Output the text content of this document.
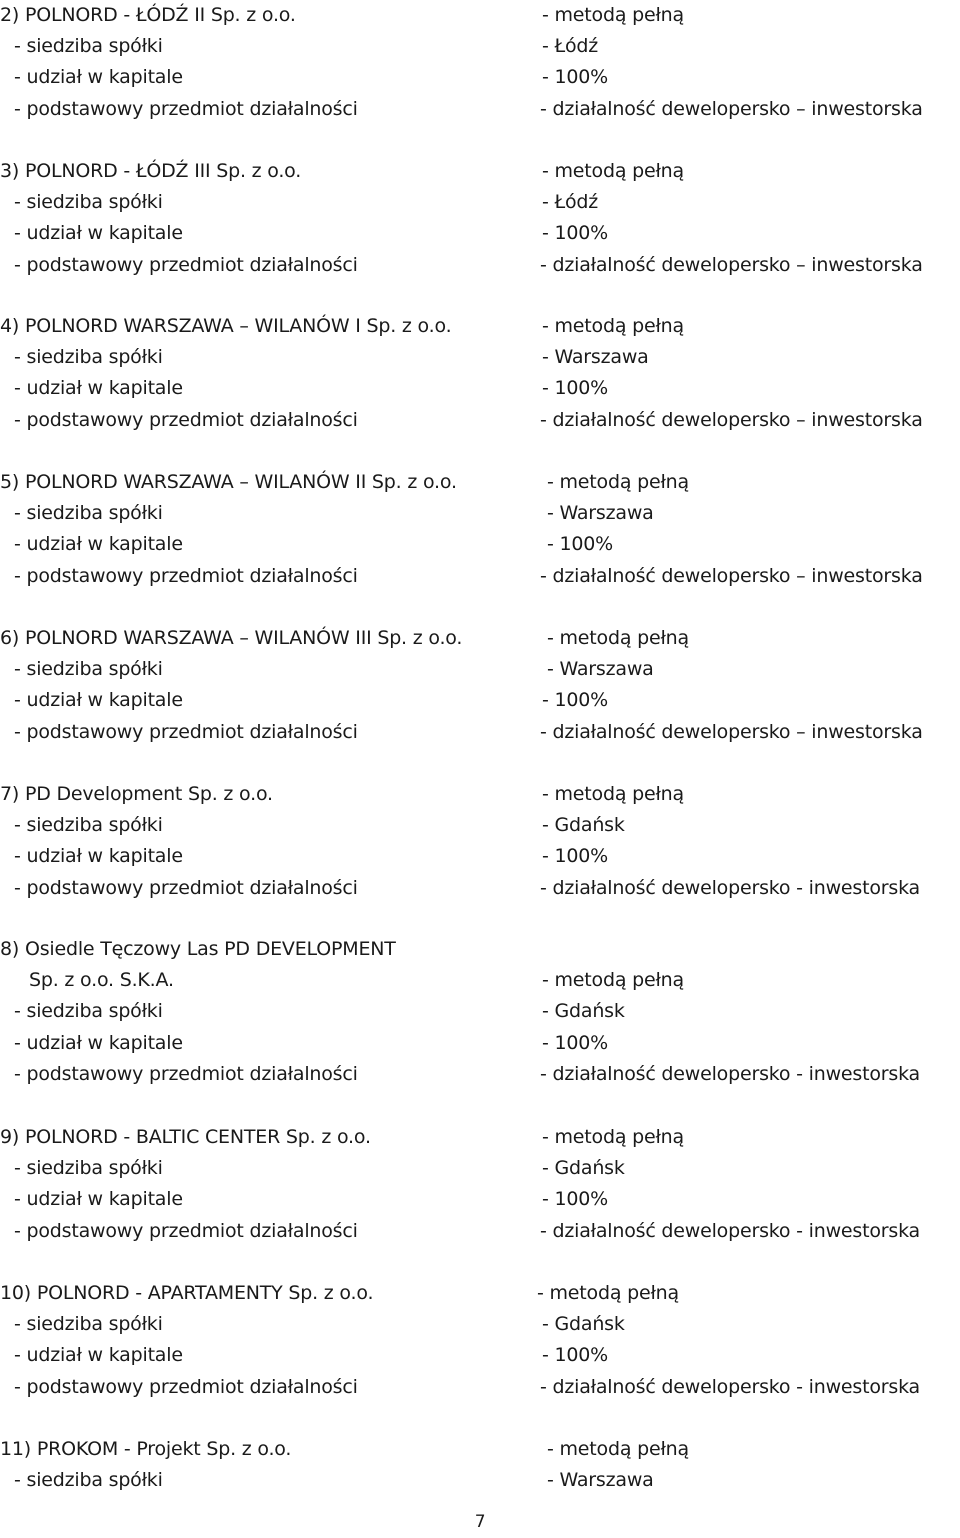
2) POLNORD - ŁÓDŹ II Sp. z o.o.	- metodą pełną
- siedziba spółki	- Łódź
- udział w kapitale	- 100%
- podstawowy przedmiot działalności	- działalność dewelopersko – inwestorska
3) POLNORD - ŁÓDŹ III Sp. z o.o.	- metodą pełną
- siedziba spółki	- Łódź
- udział w kapitale	- 100%
- podstawowy przedmiot działalności	- działalność dewelopersko – inwestorska
4) POLNORD WARSZAWA – WILANÓW I Sp. z o.o.	- metodą pełną
- siedziba spółki	- Warszawa
- udział w kapitale	- 100%
- podstawowy przedmiot działalności	- działalność dewelopersko – inwestorska
5) POLNORD WARSZAWA – WILANÓW II Sp. z o.o.	- metodą pełną
- siedziba spółki	- Warszawa
- udział w kapitale	- 100%
- podstawowy przedmiot działalności	- działalność dewelopersko – inwestorska
6) POLNORD WARSZAWA – WILANÓW III Sp. z o.o.	- metodą pełną
- siedziba spółki	- Warszawa
- udział w kapitale	- 100%
- podstawowy przedmiot działalności	- działalność dewelopersko – inwestorska
7) PD Development Sp. z o.o.	- metodą pełną
- siedziba spółki	- Gdańsk
- udział w kapitale	- 100%
- podstawowy przedmiot działalności	- działalność dewelopersko - inwestorska
8) Osiedle Tęczowy Las PD DEVELOPMENT
Sp. z o.o. S.K.A.	- metodą pełną
- siedziba spółki	- Gdańsk
- udział w kapitale	- 100%
- podstawowy przedmiot działalności	- działalność dewelopersko - inwestorska
9) POLNORD - BALTIC CENTER Sp. z o.o.	- metodą pełną
- siedziba spółki	- Gdańsk
- udział w kapitale	- 100%
- podstawowy przedmiot działalności	- działalność dewelopersko - inwestorska
10) POLNORD - APARTAMENTY Sp. z o.o.	- metodą pełną
- siedziba spółki	- Gdańsk
- udział w kapitale	- 100%
- podstawowy przedmiot działalności	- działalność dewelopersko - inwestorska
11) PROKOM - Projekt Sp. z o.o.	- metodą pełną
- siedziba spółki	- Warszawa
7
